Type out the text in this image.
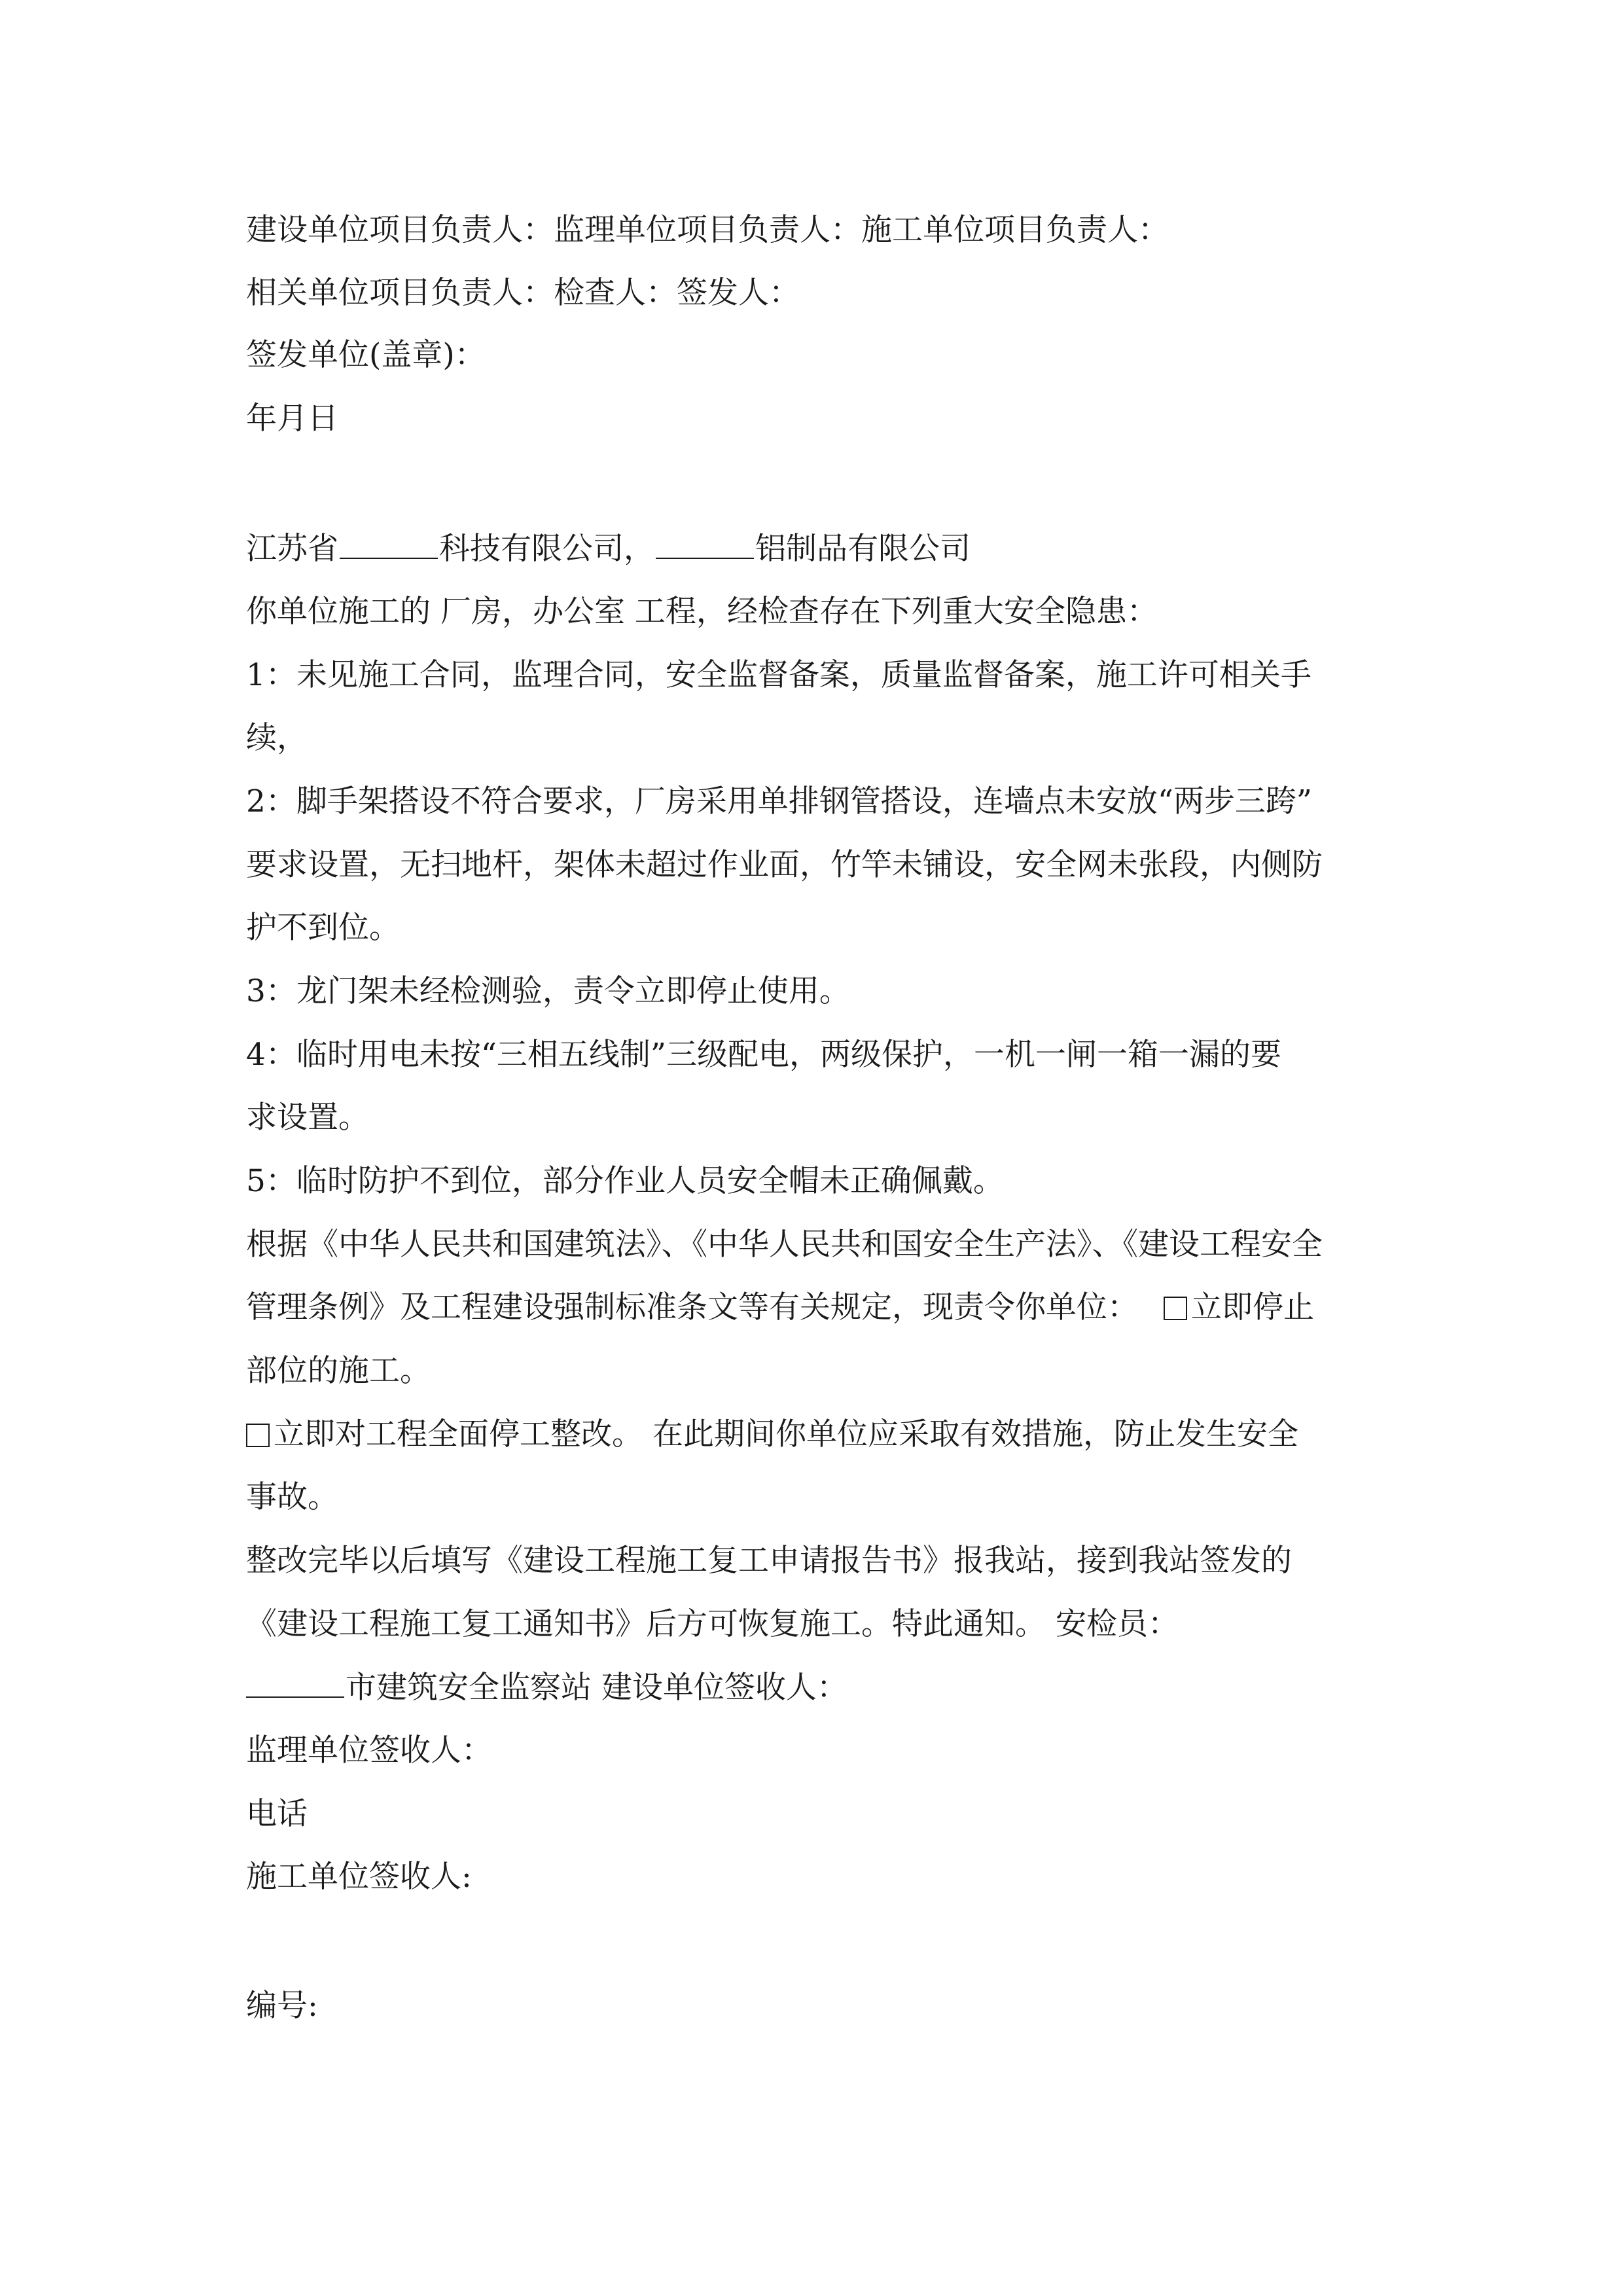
建设单位项目负责人：监理单位项目负责人：施工单位项目负责人：
相关单位项目负责人：检查人：签发人：
签发单位(盖章)：
年月日
江苏省	科技有限公司，	铝制品有限公司
你单位施工的 厂房，办公室 工程，经检查存在下列重大安全隐患：
1：未见施工合同，监理合同，安全监督备案，质量监督备案，施工许可相关手
续，
2：脚手架搭设不符合要求，厂房采用单排钢管搭设，连墙点未安放“两步三跨”
要求设置，无扫地杆，架体未超过作业面，竹竿未铺设，安全网未张段，内侧防
护不到位。
3：龙门架未经检测验，责令立即停止使用。
4：临时用电未按“三相五线制”三级配电，两级保护，一机一闸一箱一漏的要
求设置。
5：临时防护不到位，部分作业人员安全帽未正确佩戴。
根据《中华人民共和国建筑法》、《中华人民共和国安全生产法》、《建设工程安全
管理条例》及工程建设强制标准条文等有关规定，现责令你单位： 立即停止
部位的施工。
立即对工程全面停工整改。 在此期间你单位应采取有效措施，防止发生安全
事故。
整改完毕以后填写《建设工程施工复工申请报告书》报我站，接到我站签发的
《建设工程施工复工通知书》后方可恢复施工。特此通知。 安检员：
市建筑安全监察站 建设单位签收人：
监理单位签收人：
电话
施工单位签收人:
编号:
